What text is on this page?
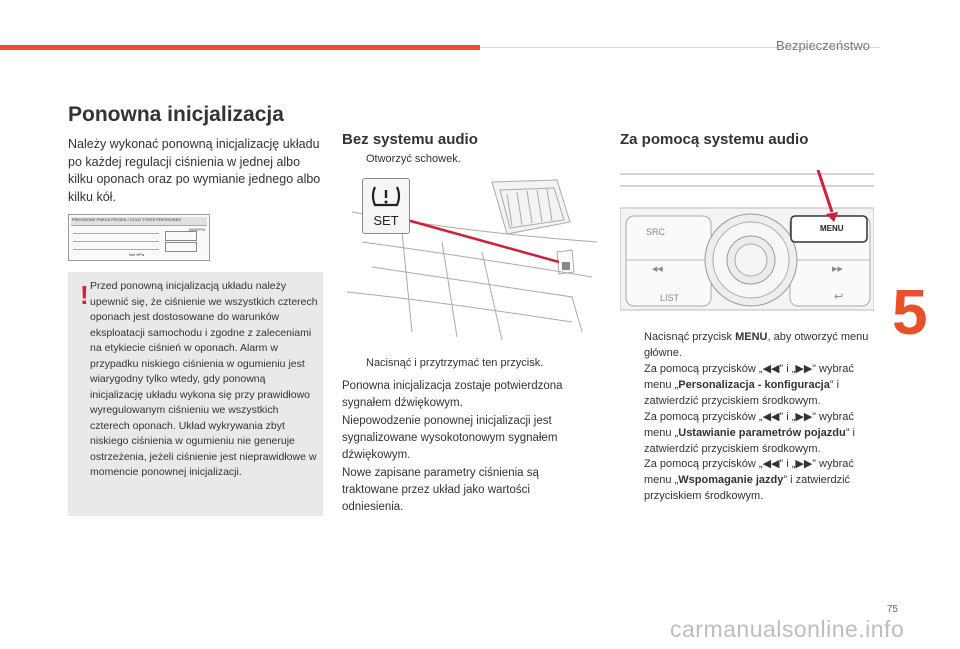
Bezpieczeństwo
5
Ponowna inicjalizacja

Należy wykonać ponowną inicjalizację układu po każdej regulacji ciśnienia w jednej albo kilku oponach oraz po wymianie jednego albo kilku kół.

PRESSIONS PNEUS FROIDS / COLD TYRES PRESSURES
BAR/PSI
Nm HPa
! Przed ponowną inicjalizacją układu należy upewnić się, że ciśnienie we wszystkich czterech oponach jest dostosowane do warunków eksploatacji samochodu i zgodne z zaleceniami na etykiecie ciśnień w oponach. Alarm w przypadku niskiego ciśnienia w ogumieniu jest wiarygodny tylko wtedy, gdy ponowną inicjalizację układu wykona się przy prawidłowo wyregulowanym ciśnieniu we wszystkich czterech oponach. Układ wykrywania zbyt niskiego ciśnienia w ogumieniu nie generuje ostrzeżenia, jeżeli ciśnienie jest nieprawidłowe w momencie ponownej inicjalizacji.

Bez systemu audio
Otworzyć schowek.
SET
Nacisnąć i przytrzymać ten przycisk.

Ponowna inicjalizacja zostaje potwierdzona sygnałem dźwiękowym.

Niepowodzenie ponownej inicjalizacji jest sygnalizowane wysokotonowym sygnałem dźwiękowym.

Nowe zapisane parametry ciśnienia są traktowane przez układ jako wartości odniesienia.

Za pomocą systemu audio
SRC
◀◀
LIST
MENU
▶▶
↩
Nacisnąć przycisk MENU, aby otworzyć menu główne.
Za pomocą przycisków „◀◀” i „▶▶” wybrać menu „Personalizacja - konfiguracja” i zatwierdzić przyciskiem środkowym.
Za pomocą przycisków „◀◀” i „▶▶” wybrać menu „Ustawianie parametrów pojazdu” i zatwierdzić przyciskiem środkowym.
Za pomocą przycisków „◀◀” i „▶▶” wybrać menu „Wspomaganie jazdy” i zatwierdzić przyciskiem środkowym.
75
carmanualsonline.info
